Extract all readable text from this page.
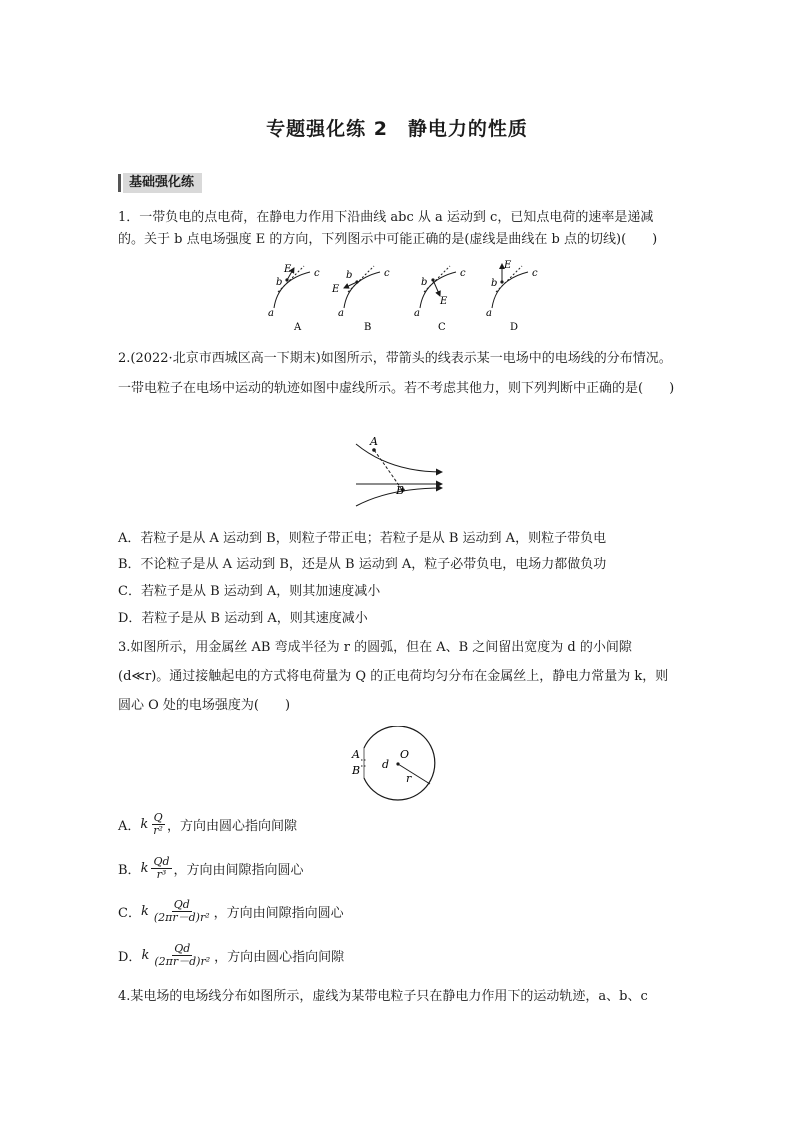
专题强化练 2　静电力的性质
基础强化练
1．一带负电的点电荷，在静电力作用下沿曲线 abc 从 a 运动到 c，已知点电荷的速率是递减的。关于 b 点电场强度 E 的方向，下列图示中可能正确的是(虚线是曲线在 b 点的切线)(　　)
E
b
c
a
A
E
b	c
a
B
E
b
c
a
C
E
b
c
a
D
2.(2022·北京市西城区高一下期末)如图所示，带箭头的线表示某一电场中的电场线的分布情况。一带电粒子在电场中运动的轨迹如图中虚线所示。若不考虑其他力，则下列判断中正确的是(　　)
A
B
A．若粒子是从 A 运动到 B，则粒子带正电；若粒子是从 B 运动到 A，则粒子带负电
B．不论粒子是从 A 运动到 B，还是从 B 运动到 A，粒子必带负电，电场力都做负功
C．若粒子是从 B 运动到 A，则其加速度减小
D．若粒子是从 B 运动到 A，则其速度减小
3.如图所示，用金属丝 AB 弯成半径为 r 的圆弧，但在 A、B 之间留出宽度为 d 的小间隙(d≪r)。通过接触起电的方式将电荷量为 Q 的正电荷均匀分布在金属丝上，静电力常量为 k，则圆心 O 处的电场强度为(　　)
A
B
O
d
r
A． k $\frac{Q}{\text{r²}}$ ，方向由圆心指向间隙
B． k $\frac{Qd}{\text{r³}}$ ，方向由间隙指向圆心
C． k $\frac{Qd}{\text{(2πr－d)r²}}$ ，方向由间隙指向圆心
D． k $\frac{Qd}{\text{(2πr－d)r²}}$ ，方向由圆心指向间隙
4.某电场的电场线分布如图所示，虚线为某带电粒子只在静电力作用下的运动轨迹，a、b、c
